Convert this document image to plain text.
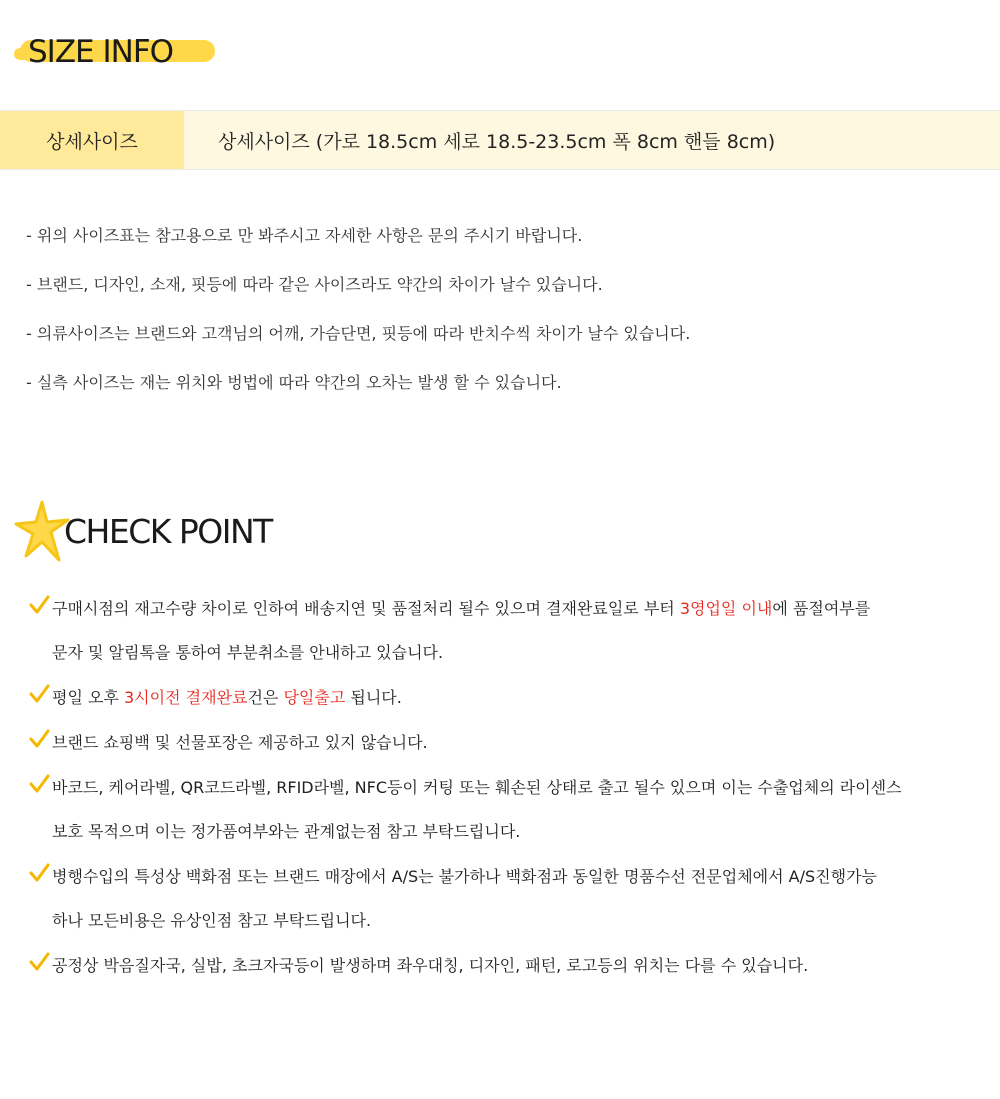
SIZE INFO
상세사이즈	상세사이즈 (가로 18.5cm 세로 18.5-23.5cm 폭 8cm 핸들 8cm)
- 위의 사이즈표는 참고용으로 만 봐주시고 자세한 사항은 문의 주시기 바랍니다.
- 브랜드, 디자인, 소재, 핏등에 따라 같은 사이즈라도 약간의 차이가 날수 있습니다.
- 의류사이즈는 브랜드와 고객님의 어깨, 가슴단면, 핏등에 따라 반치수씩 차이가 날수 있습니다.
- 실측 사이즈는 재는 위치와 벙법에 따라 약간의 오차는 발생 할 수 있습니다.
CHECK POINT
구매시점의 재고수량 차이로 인하여 배송지연 및 품절처리 될수 있으며 결재완료일로 부터 3영업일 이내에 품절여부를
문자 및 알림톡을 통하여 부분취소를 안내하고 있습니다.
평일 오후 3시이전 결재완료건은 당일출고 됩니다.
브랜드 쇼핑백 및 선물포장은 제공하고 있지 않습니다.
바코드, 케어라벨, QR코드라벨, RFID라벨, NFC등이 커팅 또는 훼손된 상태로 출고 될수 있으며 이는 수출업체의 라이센스
보호 목적으며 이는 정가품여부와는 관계없는점 참고 부탁드립니다.
병행수입의 특성상 백화점 또는 브랜드 매장에서 A/S는 불가하나 백화점과 동일한 명품수선 전문업체에서 A/S진행가능
하나 모든비용은 유상인점 참고 부탁드립니다.
공정상 박음질자국, 실밥, 초크자국등이 발생하며 좌우대칭, 디자인, 패턴, 로고등의 위치는 다를 수 있습니다.
